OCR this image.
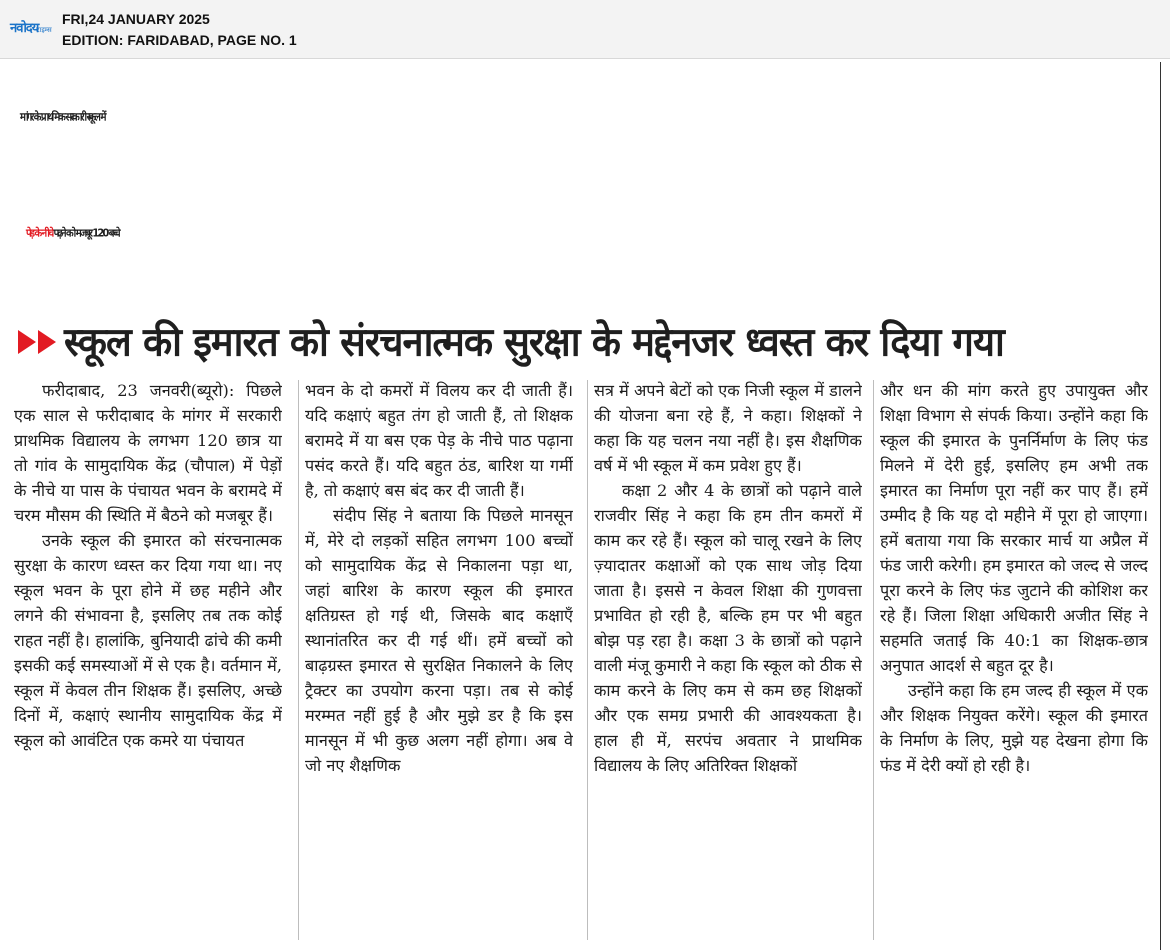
नवोदय
टाइम्स
FRI,24 JANUARY 2025
EDITION: FARIDABAD, PAGE NO. 1
मांगर के प्राथमिक सरकारी स्कूल में
पेड़ के नीचे पढ़ने को मजबूर 120 बच्चे
स्कूल की इमारत को संरचनात्मक सुरक्षा के मद्देनजर ध्वस्त कर दिया गया

फरीदाबाद, 23 जनवरी(ब्यूरो): पिछले एक साल से फरीदाबाद के मांगर में सरकारी प्राथमिक विद्यालय के लगभग 120 छात्र या तो गांव के सामुदायिक केंद्र (चौपाल) में पेड़ों के नीचे या पास के पंचायत भवन के बरामदे में चरम मौसम की स्थिति में बैठने को मजबूर हैं।

उनके स्कूल की इमारत को संरचनात्मक सुरक्षा के कारण ध्वस्त कर दिया गया था। नए स्कूल भवन के पूरा होने में छह महीने और लगने की संभावना है, इसलिए तब तक कोई राहत नहीं है। हालांकि, बुनियादी ढांचे की कमी इसकी कई समस्याओं में से एक है। वर्तमान में, स्कूल में केवल तीन शिक्षक हैं। इसलिए, अच्छे दिनों में, कक्षाएं स्थानीय सामुदायिक केंद्र में स्कूल को आवंटित एक कमरे या पंचायत

भवन के दो कमरों में विलय कर दी जाती हैं। यदि कक्षाएं बहुत तंग हो जाती हैं, तो शिक्षक बरामदे में या बस एक पेड़ के नीचे पाठ पढ़ाना पसंद करते हैं। यदि बहुत ठंड, बारिश या गर्मी है, तो कक्षाएं बस बंद कर दी जाती हैं।

संदीप सिंह ने बताया कि पिछले मानसून में, मेरे दो लड़कों सहित लगभग 100 बच्चों को सामुदायिक केंद्र से निकालना पड़ा था, जहां बारिश के कारण स्कूल की इमारत क्षतिग्रस्त हो गई थी, जिसके बाद कक्षाएँ स्थानांतरित कर दी गई थीं। हमें बच्चों को बाढ़ग्रस्त इमारत से सुरक्षित निकालने के लिए ट्रैक्टर का उपयोग करना पड़ा। तब से कोई मरम्मत नहीं हुई है और मुझे डर है कि इस मानसून में भी कुछ अलग नहीं होगा। अब वे जो नए शैक्षणिक

सत्र में अपने बेटों को एक निजी स्कूल में डालने की योजना बना रहे हैं, ने कहा। शिक्षकों ने कहा कि यह चलन नया नहीं है। इस शैक्षणिक वर्ष में भी स्कूल में कम प्रवेश हुए हैं।

कक्षा 2 और 4 के छात्रों को पढ़ाने वाले राजवीर सिंह ने कहा कि हम तीन कमरों में काम कर रहे हैं। स्कूल को चालू रखने के लिए ज़्यादातर कक्षाओं को एक साथ जोड़ दिया जाता है। इससे न केवल शिक्षा की गुणवत्ता प्रभावित हो रही है, बल्कि हम पर भी बहुत बोझ पड़ रहा है। कक्षा 3 के छात्रों को पढ़ाने वाली मंजू कुमारी ने कहा कि स्कूल को ठीक से काम करने के लिए कम से कम छह शिक्षकों और एक समग्र प्रभारी की आवश्यकता है। हाल ही में, सरपंच अवतार ने प्राथमिक विद्यालय के लिए अतिरिक्त शिक्षकों

और धन की मांग करते हुए उपायुक्त और शिक्षा विभाग से संपर्क किया। उन्होंने कहा कि स्कूल की इमारत के पुनर्निर्माण के लिए फंड मिलने में देरी हुई, इसलिए हम अभी तक इमारत का निर्माण पूरा नहीं कर पाए हैं। हमें उम्मीद है कि यह दो महीने में पूरा हो जाएगा। हमें बताया गया कि सरकार मार्च या अप्रैल में फंड जारी करेगी। हम इमारत को जल्द से जल्द पूरा करने के लिए फंड जुटाने की कोशिश कर रहे हैं। जिला शिक्षा अधिकारी अजीत सिंह ने सहमति जताई कि 40:1 का शिक्षक-छात्र अनुपात आदर्श से बहुत दूर है।

उन्होंने कहा कि हम जल्द ही स्कूल में एक और शिक्षक नियुक्त करेंगे। स्कूल की इमारत के निर्माण के लिए, मुझे यह देखना होगा कि फंड में देरी क्यों हो रही है।
